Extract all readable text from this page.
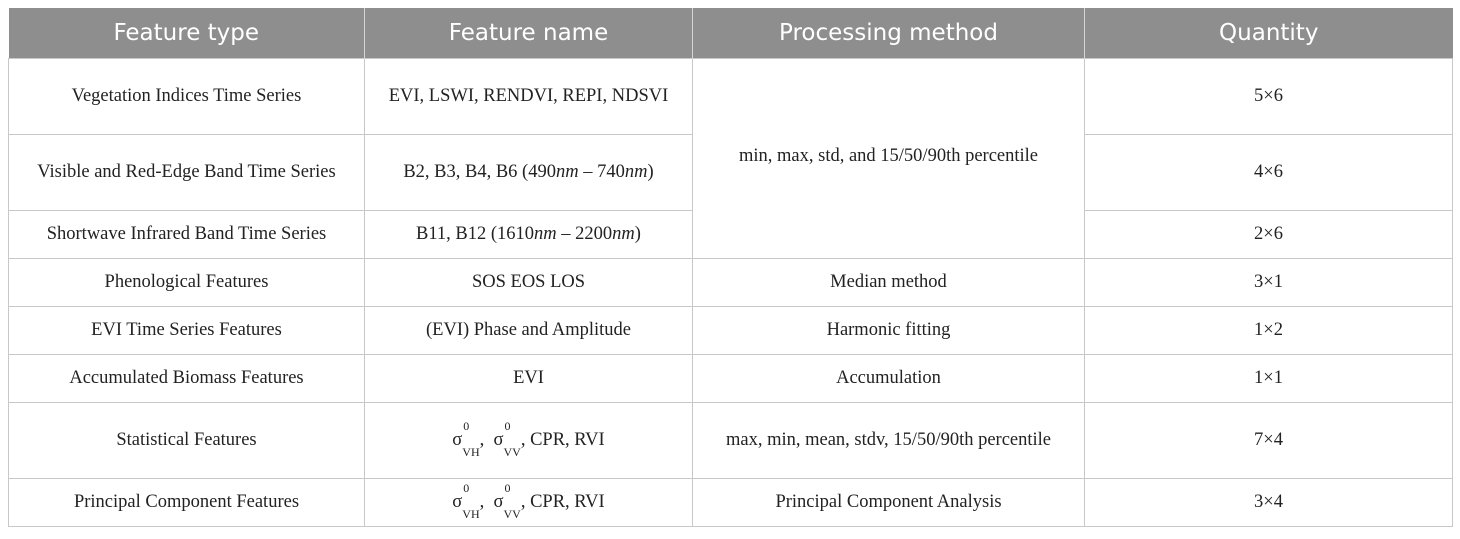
Feature type	Feature name	Processing method	Quantity
Vegetation Indices Time Series	EVI, LSWI, RENDVI, REPI, NDSVI	min, max, std, and 15/50/90th percentile	5×6
Visible and Red-Edge Band Time Series	B2, B3, B4, B6 (490nm – 740nm)		4×6
Shortwave Infrared Band Time Series	B11, B12 (1610nm – 2200nm)		2×6
Phenological Features	SOS EOS LOS	Median method	3×1
EVI Time Series Features	(EVI) Phase and Amplitude	Harmonic fitting	1×2
Accumulated Biomass Features	EVI	Accumulation	1×1
Statistical Features	$\sigma^0_{VH}$,  $\sigma^0_{VV}$, CPR, RVI	max, min, mean, stdv, 15/50/90th percentile	7×4
Principal Component Features	$\sigma^0_{VH}$,  $\sigma^0_{VV}$, CPR, RVI	Principal Component Analysis	3×4
